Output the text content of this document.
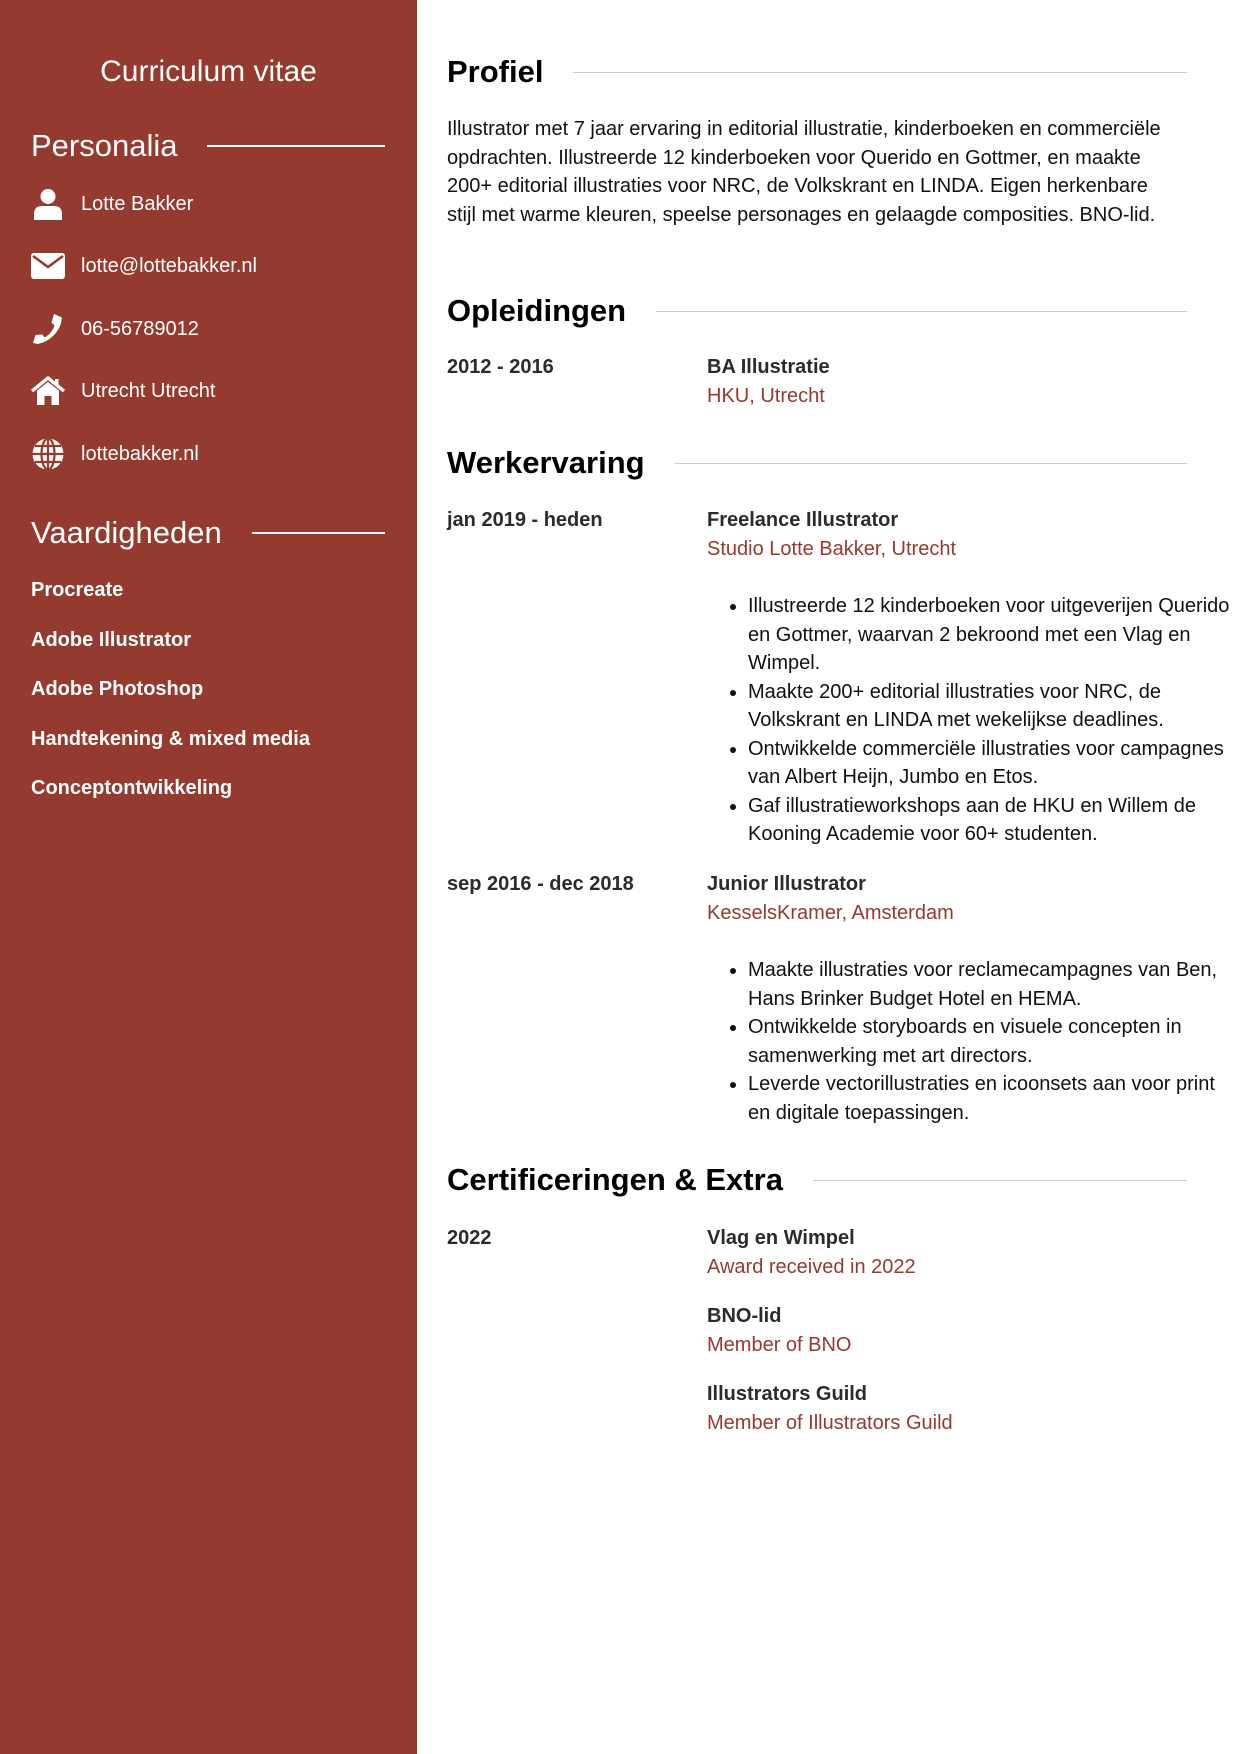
Curriculum vitae
Personalia
Lotte Bakker
lotte@lottebakker.nl
06-56789012
Utrecht Utrecht
lottebakker.nl
Vaardigheden
Procreate
Adobe Illustrator
Adobe Photoshop
Handtekening & mixed media
Conceptontwikkeling
Profiel
Illustrator met 7 jaar ervaring in editorial illustratie, kinderboeken en commerciële opdrachten. Illustreerde 12 kinderboeken voor Querido en Gottmer, en maakte 200+ editorial illustraties voor NRC, de Volkskrant en LINDA. Eigen herkenbare stijl met warme kleuren, speelse personages en gelaagde composities. BNO-lid.
Opleidingen
2012 - 2016	BA Illustratie
HKU, Utrecht
Werkervaring
jan 2019 - heden	Freelance Illustrator
Studio Lotte Bakker, Utrecht
• Illustreerde 12 kinderboeken voor uitgeverijen Querido en Gottmer, waarvan 2 bekroond met een Vlag en Wimpel.
• Maakte 200+ editorial illustraties voor NRC, de Volkskrant en LINDA met wekelijkse deadlines.
• Ontwikkelde commerciële illustraties voor campagnes van Albert Heijn, Jumbo en Etos.
• Gaf illustratieworkshops aan de HKU en Willem de Kooning Academie voor 60+ studenten.
sep 2016 - dec 2018	Junior Illustrator
KesselsKramer, Amsterdam
• Maakte illustraties voor reclamecampagnes van Ben, Hans Brinker Budget Hotel en HEMA.
• Ontwikkelde storyboards en visuele concepten in samenwerking met art directors.
• Leverde vectorillustraties en icoonsets aan voor print en digitale toepassingen.
Certificeringen & Extra
2022	Vlag en Wimpel
Award received in 2022
BNO-lid
Member of BNO
Illustrators Guild
Member of Illustrators Guild
